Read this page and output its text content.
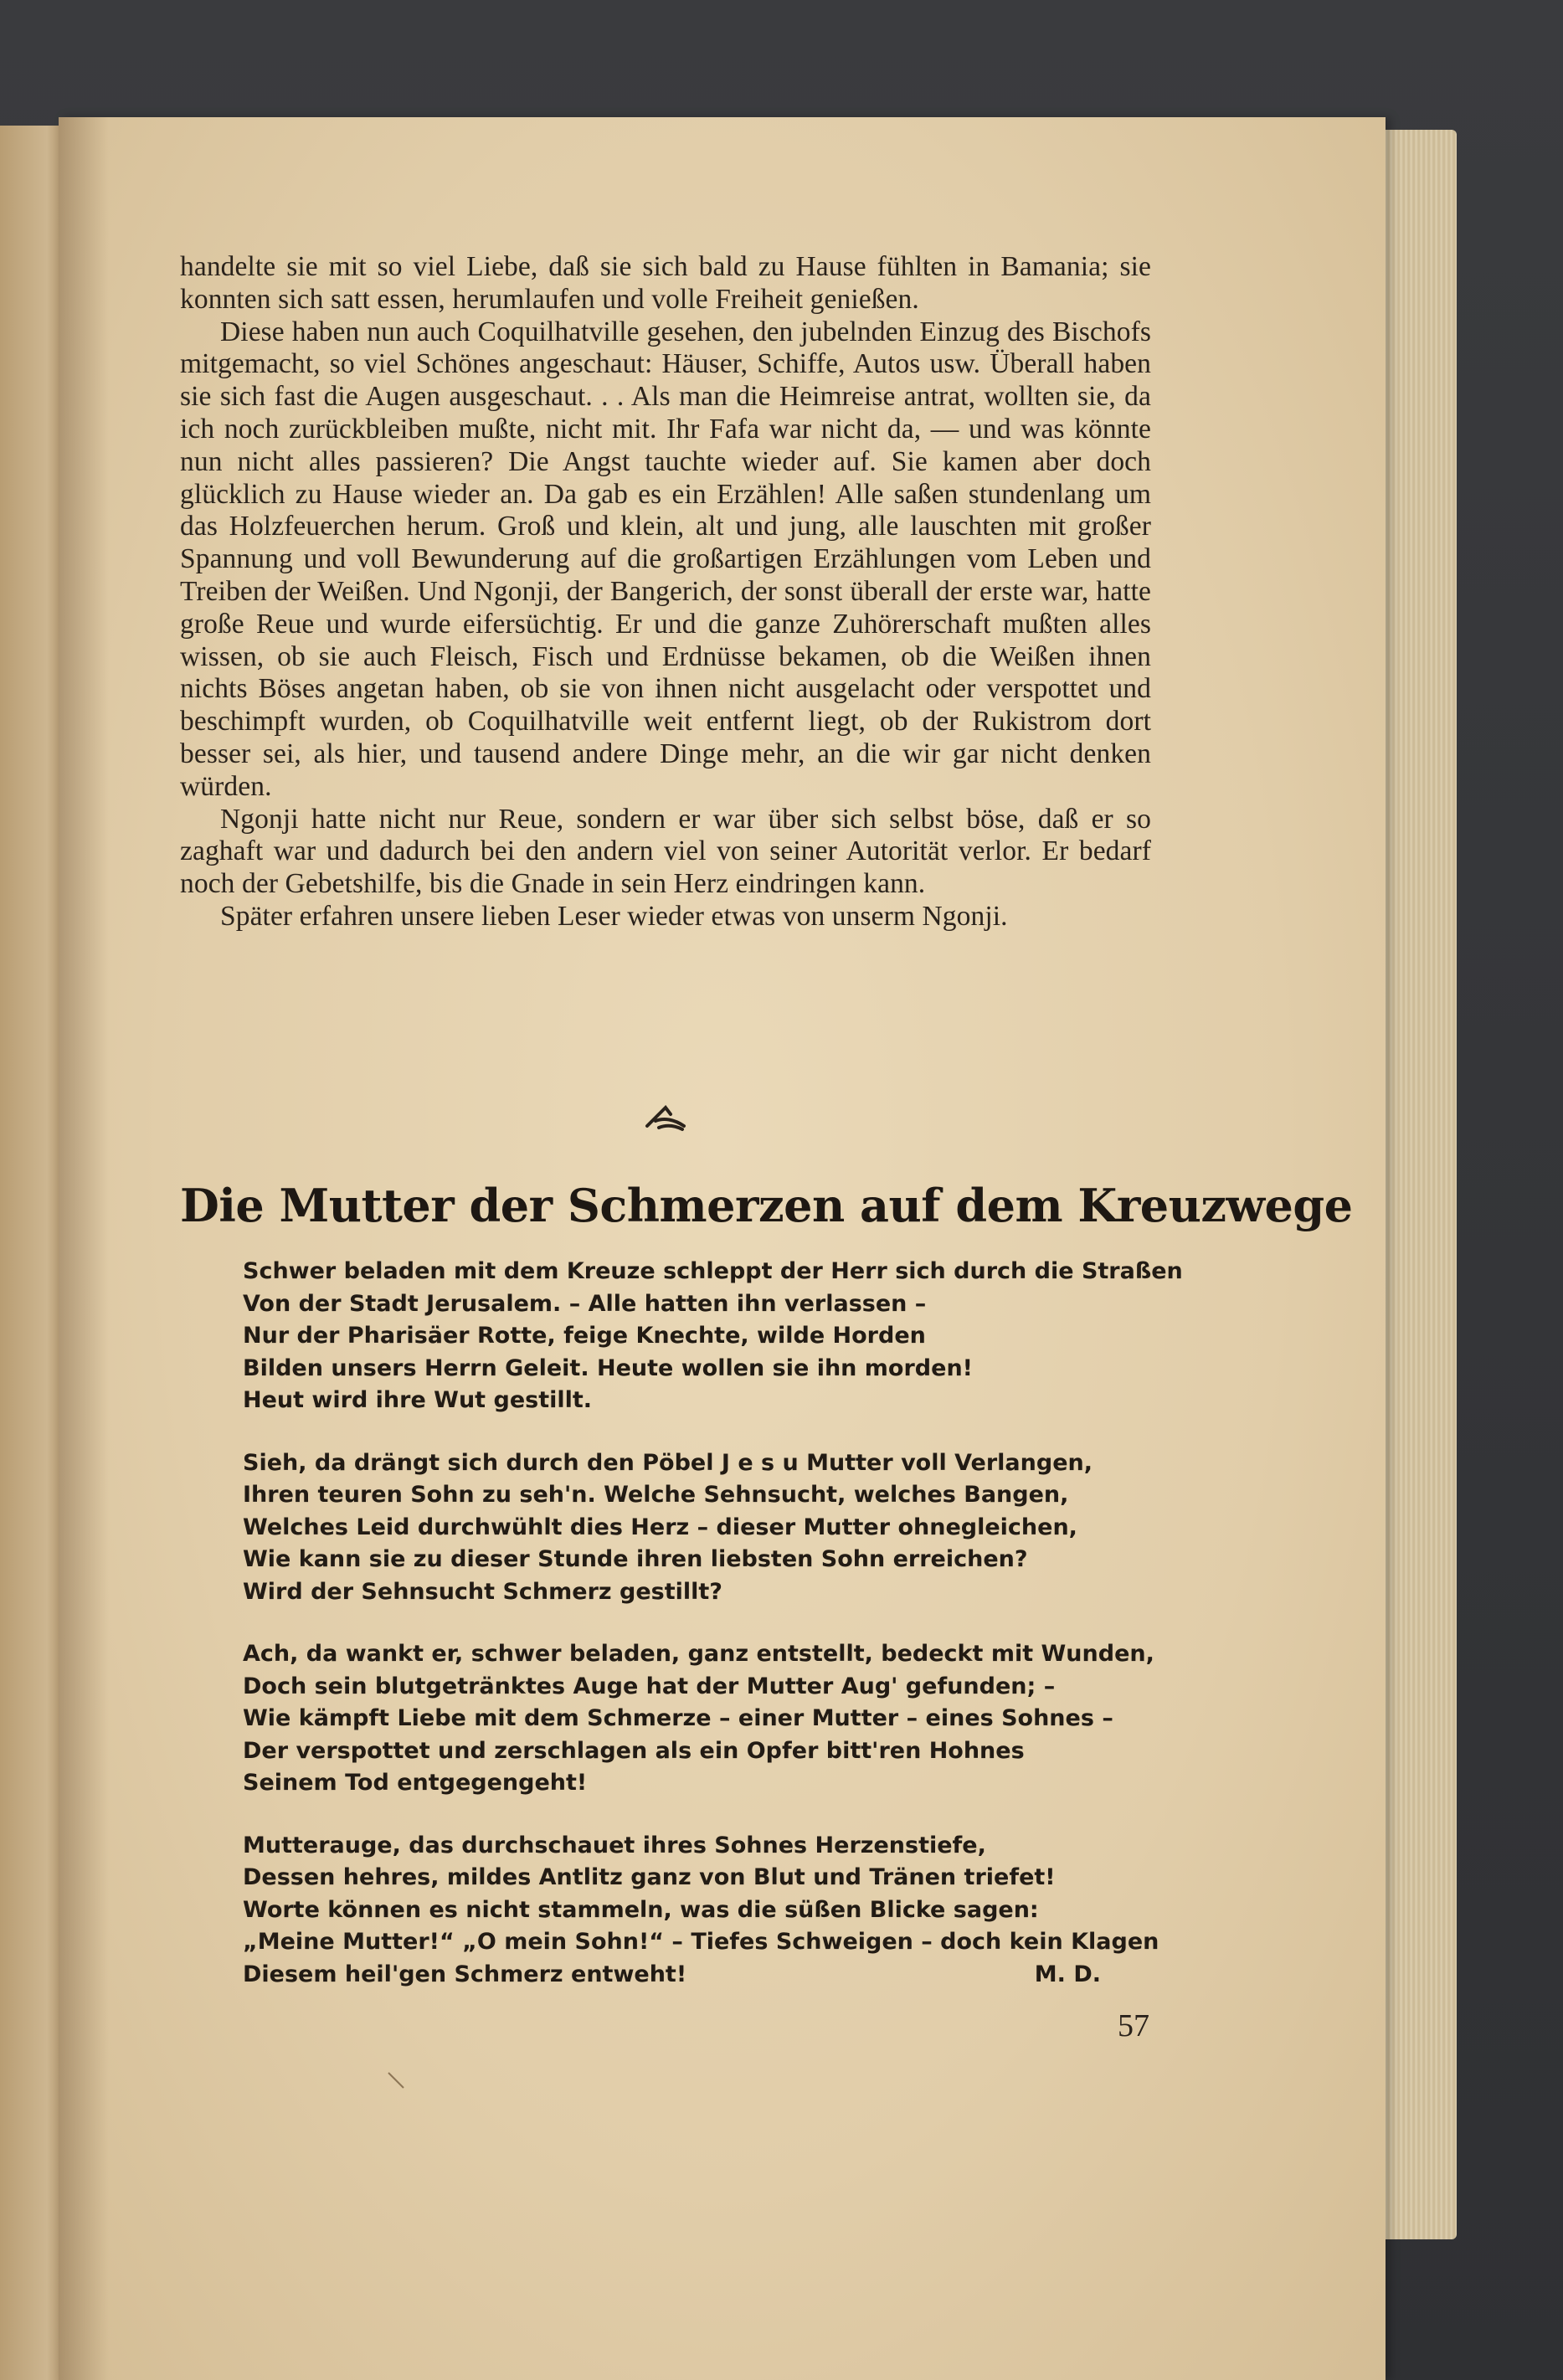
handelte sie mit so viel Liebe, daß sie sich bald zu Hause fühlten in Bamania; sie konnten sich satt essen, herumlaufen und volle Freiheit genießen.

Diese haben nun auch Coquilhatville gesehen, den jubelnden Einzug des Bischofs mitgemacht, so viel Schönes angeschaut: Häuser, Schiffe, Autos usw. Überall haben sie sich fast die Augen ausgeschaut. . . Als man die Heimreise antrat, wollten sie, da ich noch zurückbleiben mußte, nicht mit. Ihr Fafa war nicht da, — und was könnte nun nicht alles passieren? Die Angst tauchte wieder auf. Sie kamen aber doch glücklich zu Hause wieder an. Da gab es ein Erzählen! Alle saßen stundenlang um das Holzfeuerchen herum. Groß und klein, alt und jung, alle lauschten mit großer Spannung und voll Bewunderung auf die großartigen Erzählungen vom Leben und Treiben der Weißen. Und Ngonji, der Bangerich, der sonst überall der erste war, hatte große Reue und wurde eifersüchtig. Er und die ganze Zuhörerschaft mußten alles wissen, ob sie auch Fleisch, Fisch und Erdnüsse bekamen, ob die Weißen ihnen nichts Böses angetan haben, ob sie von ihnen nicht ausgelacht oder verspottet und beschimpft wurden, ob Coquilhatville weit entfernt liegt, ob der Rukistrom dort besser sei, als hier, und tausend andere Dinge mehr, an die wir gar nicht denken würden.

Ngonji hatte nicht nur Reue, sondern er war über sich selbst böse, daß er so zaghaft war und dadurch bei den andern viel von seiner Autorität verlor. Er bedarf noch der Gebetshilfe, bis die Gnade in sein Herz eindringen kann.

Später erfahren unsere lieben Leser wieder etwas von unserm Ngonji.

Die Mutter der Schmerzen auf dem Kreuzwege
Schwer beladen mit dem Kreuze schleppt der Herr sich durch die Straßen
Von der Stadt Jerusalem. – Alle hatten ihn verlassen –
Nur der Pharisäer Rotte, feige Knechte, wilde Horden
Bilden unsers Herrn Geleit. Heute wollen sie ihn morden!
Heut wird ihre Wut gestillt.
Sieh, da drängt sich durch den Pöbel J e s u Mutter voll Verlangen,
Ihren teuren Sohn zu seh'n. Welche Sehnsucht, welches Bangen,
Welches Leid durchwühlt dies Herz – dieser Mutter ohnegleichen,
Wie kann sie zu dieser Stunde ihren liebsten Sohn erreichen?
Wird der Sehnsucht Schmerz gestillt?
Ach, da wankt er, schwer beladen, ganz entstellt, bedeckt mit Wunden,
Doch sein blutgetränktes Auge hat der Mutter Aug' gefunden; –
Wie kämpft Liebe mit dem Schmerze – einer Mutter – eines Sohnes –
Der verspottet und zerschlagen als ein Opfer bitt'ren Hohnes
Seinem Tod entgegengeht!
Mutterauge, das durchschauet ihres Sohnes Herzenstiefe,
Dessen hehres, mildes Antlitz ganz von Blut und Tränen triefet!
Worte können es nicht stammeln, was die süßen Blicke sagen:
„Meine Mutter!“ „O mein Sohn!“ – Tiefes Schweigen – doch kein Klagen
Diesem heil'gen Schmerz entweht!	M. D.
57
